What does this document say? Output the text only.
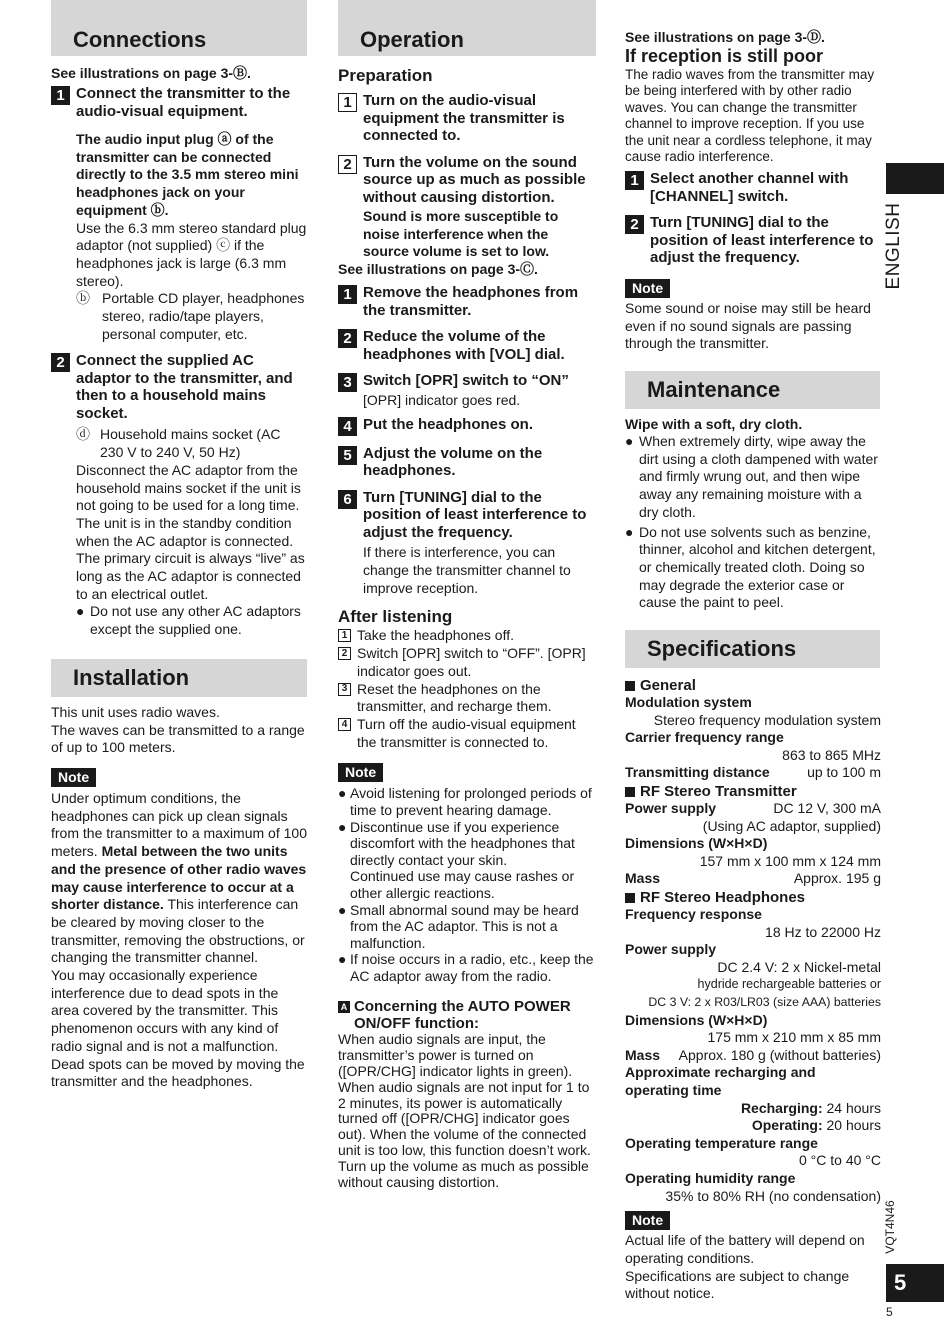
Connections
See illustrations on page 3-Ⓑ.
1 Connect the transmitter to the audio-visual equipment.
The audio input plug ⓐ of the transmitter can be connected directly to the 3.5 mm stereo mini headphones jack on your equipment ⓑ.
Use the 6.3 mm stereo standard plug adaptor (not supplied) ⓒ if the headphones jack is large (6.3 mm stereo).
ⓑ Portable CD player, headphones stereo, radio/tape players, personal computer, etc.
2 Connect the supplied AC adaptor to the transmitter, and then to a household mains socket.
ⓓ Household mains socket (AC 230 V to 240 V, 50 Hz)
Disconnect the AC adaptor from the household mains socket if the unit is not going to be used for a long time.
The unit is in the standby condition when the AC adaptor is connected. The primary circuit is always “live” as long as the AC adaptor is connected to an electrical outlet.
● Do not use any other AC adaptors except the supplied one.
Installation
This unit uses radio waves.
The waves can be transmitted to a range of up to 100 meters.
Note
Under optimum conditions, the headphones can pick up clean signals from the transmitter to a maximum of 100 meters. Metal between the two units and the presence of other radio waves may cause interference to occur at a shorter distance. This interference can be cleared by moving closer to the transmitter, removing the obstructions, or changing the transmitter channel.
You may occasionally experience interference due to dead spots in the area covered by the transmitter. This phenomenon occurs with any kind of radio signal and is not a malfunction. Dead spots can be moved by moving the transmitter and the headphones.
Operation
Preparation
1 Turn on the audio-visual equipment the transmitter is connected to.
2 Turn the volume on the sound source up as much as possible without causing distortion.
Sound is more susceptible to noise interference when the source volume is set to low.
See illustrations on page 3-Ⓒ.
1 Remove the headphones from the transmitter.
2 Reduce the volume of the headphones with [VOL] dial.
3 Switch [OPR] switch to “ON”
[OPR] indicator goes red.
4 Put the headphones on.
5 Adjust the volume on the headphones.
6 Turn [TUNING] dial to the position of least interference to adjust the frequency.
If there is interference, you can change the transmitter channel to improve reception.
After listening
1 Take the headphones off.
2 Switch [OPR] switch to “OFF”. [OPR] indicator goes out.
3 Reset the headphones on the transmitter, and recharge them.
4 Turn off the audio-visual equipment the transmitter is connected to.
Note
● Avoid listening for prolonged periods of time to prevent hearing damage.
● Discontinue use if you experience discomfort with the headphones that directly contact your skin.
Continued use may cause rashes or other allergic reactions.
● Small abnormal sound may be heard from the AC adaptor. This is not a malfunction.
● If noise occurs in a radio, etc., keep the AC adaptor away from the radio.
A Concerning the AUTO POWER ON/OFF function:
When audio signals are input, the transmitter’s power is turned on ([OPR/CHG] indicator lights in green). When audio signals are not input for 1 to 2 minutes, its power is automatically turned off ([OPR/CHG] indicator goes out). When the volume of the connected unit is too low, this function doesn’t work. Turn up the volume as much as possible without causing distortion.
See illustrations on page 3-Ⓓ.
If reception is still poor
The radio waves from the transmitter may be being interfered with by other radio waves. You can change the transmitter channel to improve reception. If you use the unit near a cordless telephone, it may cause radio interference.
1 Select another channel with [CHANNEL] switch.
2 Turn [TUNING] dial to the position of least interference to adjust the frequency.
Note
Some sound or noise may still be heard even if no sound signals are passing through the transmitter.
Maintenance
Wipe with a soft, dry cloth.
● When extremely dirty, wipe away the dirt using a cloth dampened with water and firmly wrung out, and then wipe away any remaining moisture with a dry cloth.
● Do not use solvents such as benzine, thinner, alcohol and kitchen detergent, or chemically treated cloth. Doing so may degrade the exterior case or cause the paint to peel.
Specifications
General
Modulation system
Stereo frequency modulation system
Carrier frequency range
863 to 865 MHz
Transmitting distance	up to 100 m
RF Stereo Transmitter
Power supply	DC 12 V, 300 mA
(Using AC adaptor, supplied)
Dimensions (W×H×D)
157 mm x 100 mm x 124 mm
Mass	Approx. 195 g
RF Stereo Headphones
Frequency response
18 Hz to 22000 Hz
Power supply
DC 2.4 V: 2 x Nickel-metal
hydride rechargeable batteries or
DC 3 V: 2 x R03/LR03 (size AAA) batteries
Dimensions (W×H×D)
175 mm x 210 mm x 85 mm
Mass Approx. 180 g (without batteries)
Approximate recharging and operating time
Recharging: 24 hours
Operating: 20 hours
Operating temperature range
0 °C to 40 °C
Operating humidity range
35% to 80% RH (no condensation)
Note
Actual life of the battery will depend on operating conditions.
Specifications are subject to change without notice.
ENGLISH
VQT4N46
5
5
